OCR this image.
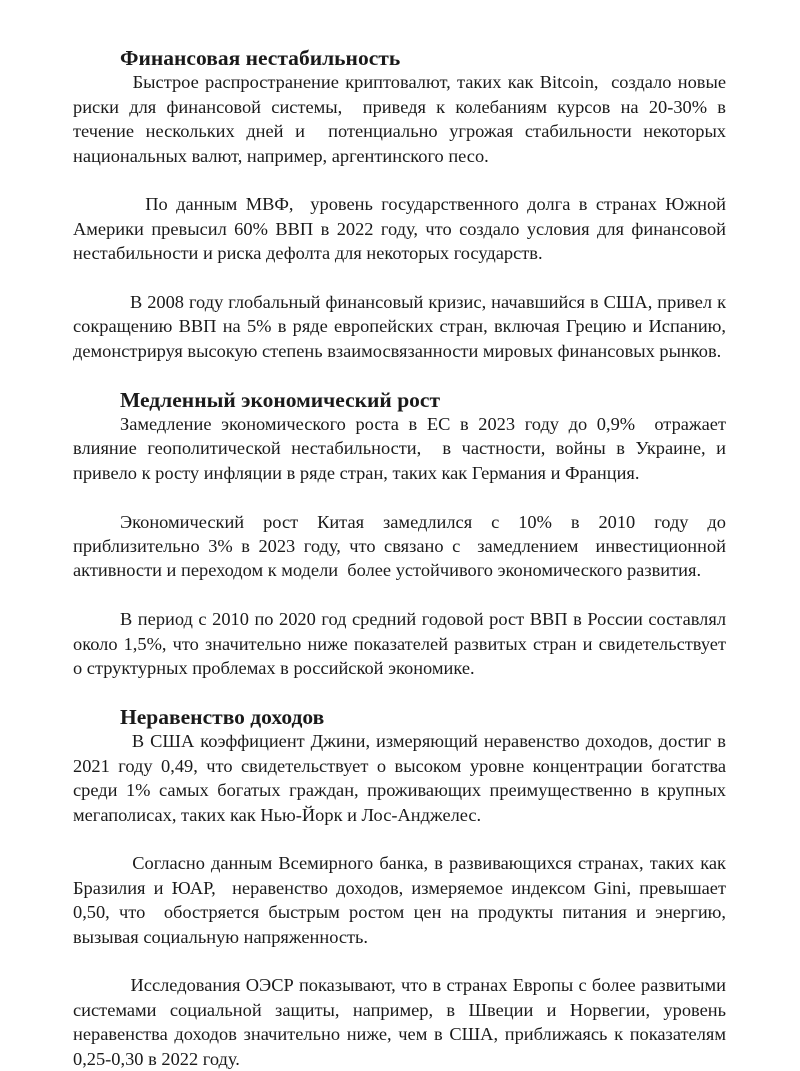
Финансовая нестабильность

Быстрое распространение криптовалют, таких как Bitcoin,  создало новые риски для финансовой системы,  приведя к колебаниям курсов на 20-30% в течение нескольких дней и  потенциально угрожая стабильности некоторых национальных валют, например, аргентинского песо.

По данным МВФ,  уровень государственного долга в странах Южной Америки превысил 60% ВВП в 2022 году, что создало условия для финансовой нестабильности и риска дефолта для некоторых государств.

В 2008 году глобальный финансовый кризис, начавшийся в США, привел к сокращению ВВП на 5% в ряде европейских стран, включая Грецию и Испанию, демонстрируя высокую степень взаимосвязанности мировых финансовых рынков.

Медленный экономический рост

Замедление экономического роста в ЕС в 2023 году до 0,9%  отражает влияние геополитической нестабильности,  в частности, войны в Украине, и привело к росту инфляции в ряде стран, таких как Германия и Франция.

Экономический рост Китая замедлился с 10% в 2010 году до приблизительно 3% в 2023 году, что связано с  замедлением  инвестиционной активности и переходом к модели  более устойчивого экономического развития.

В период с 2010 по 2020 год средний годовой рост ВВП в России составлял около 1,5%, что значительно ниже показателей развитых стран и свидетельствует о структурных проблемах в российской экономике.

Неравенство доходов

В США коэффициент Джини, измеряющий неравенство доходов, достиг в 2021 году 0,49, что свидетельствует о высоком уровне концентрации богатства среди 1% самых богатых граждан, проживающих преимущественно в крупных мегаполисах, таких как Нью-Йорк и Лос-Анджелес.

Согласно данным Всемирного банка, в развивающихся странах, таких как Бразилия и ЮАР,  неравенство доходов, измеряемое индексом Gini, превышает 0,50, что  обостряется быстрым ростом цен на продукты питания и энергию, вызывая социальную напряженность.

Исследования ОЭСР показывают, что в странах Европы с более развитыми системами социальной защиты, например, в Швеции и Норвегии, уровень неравенства доходов значительно ниже, чем в США, приближаясь к показателям 0,25-0,30 в 2022 году.
